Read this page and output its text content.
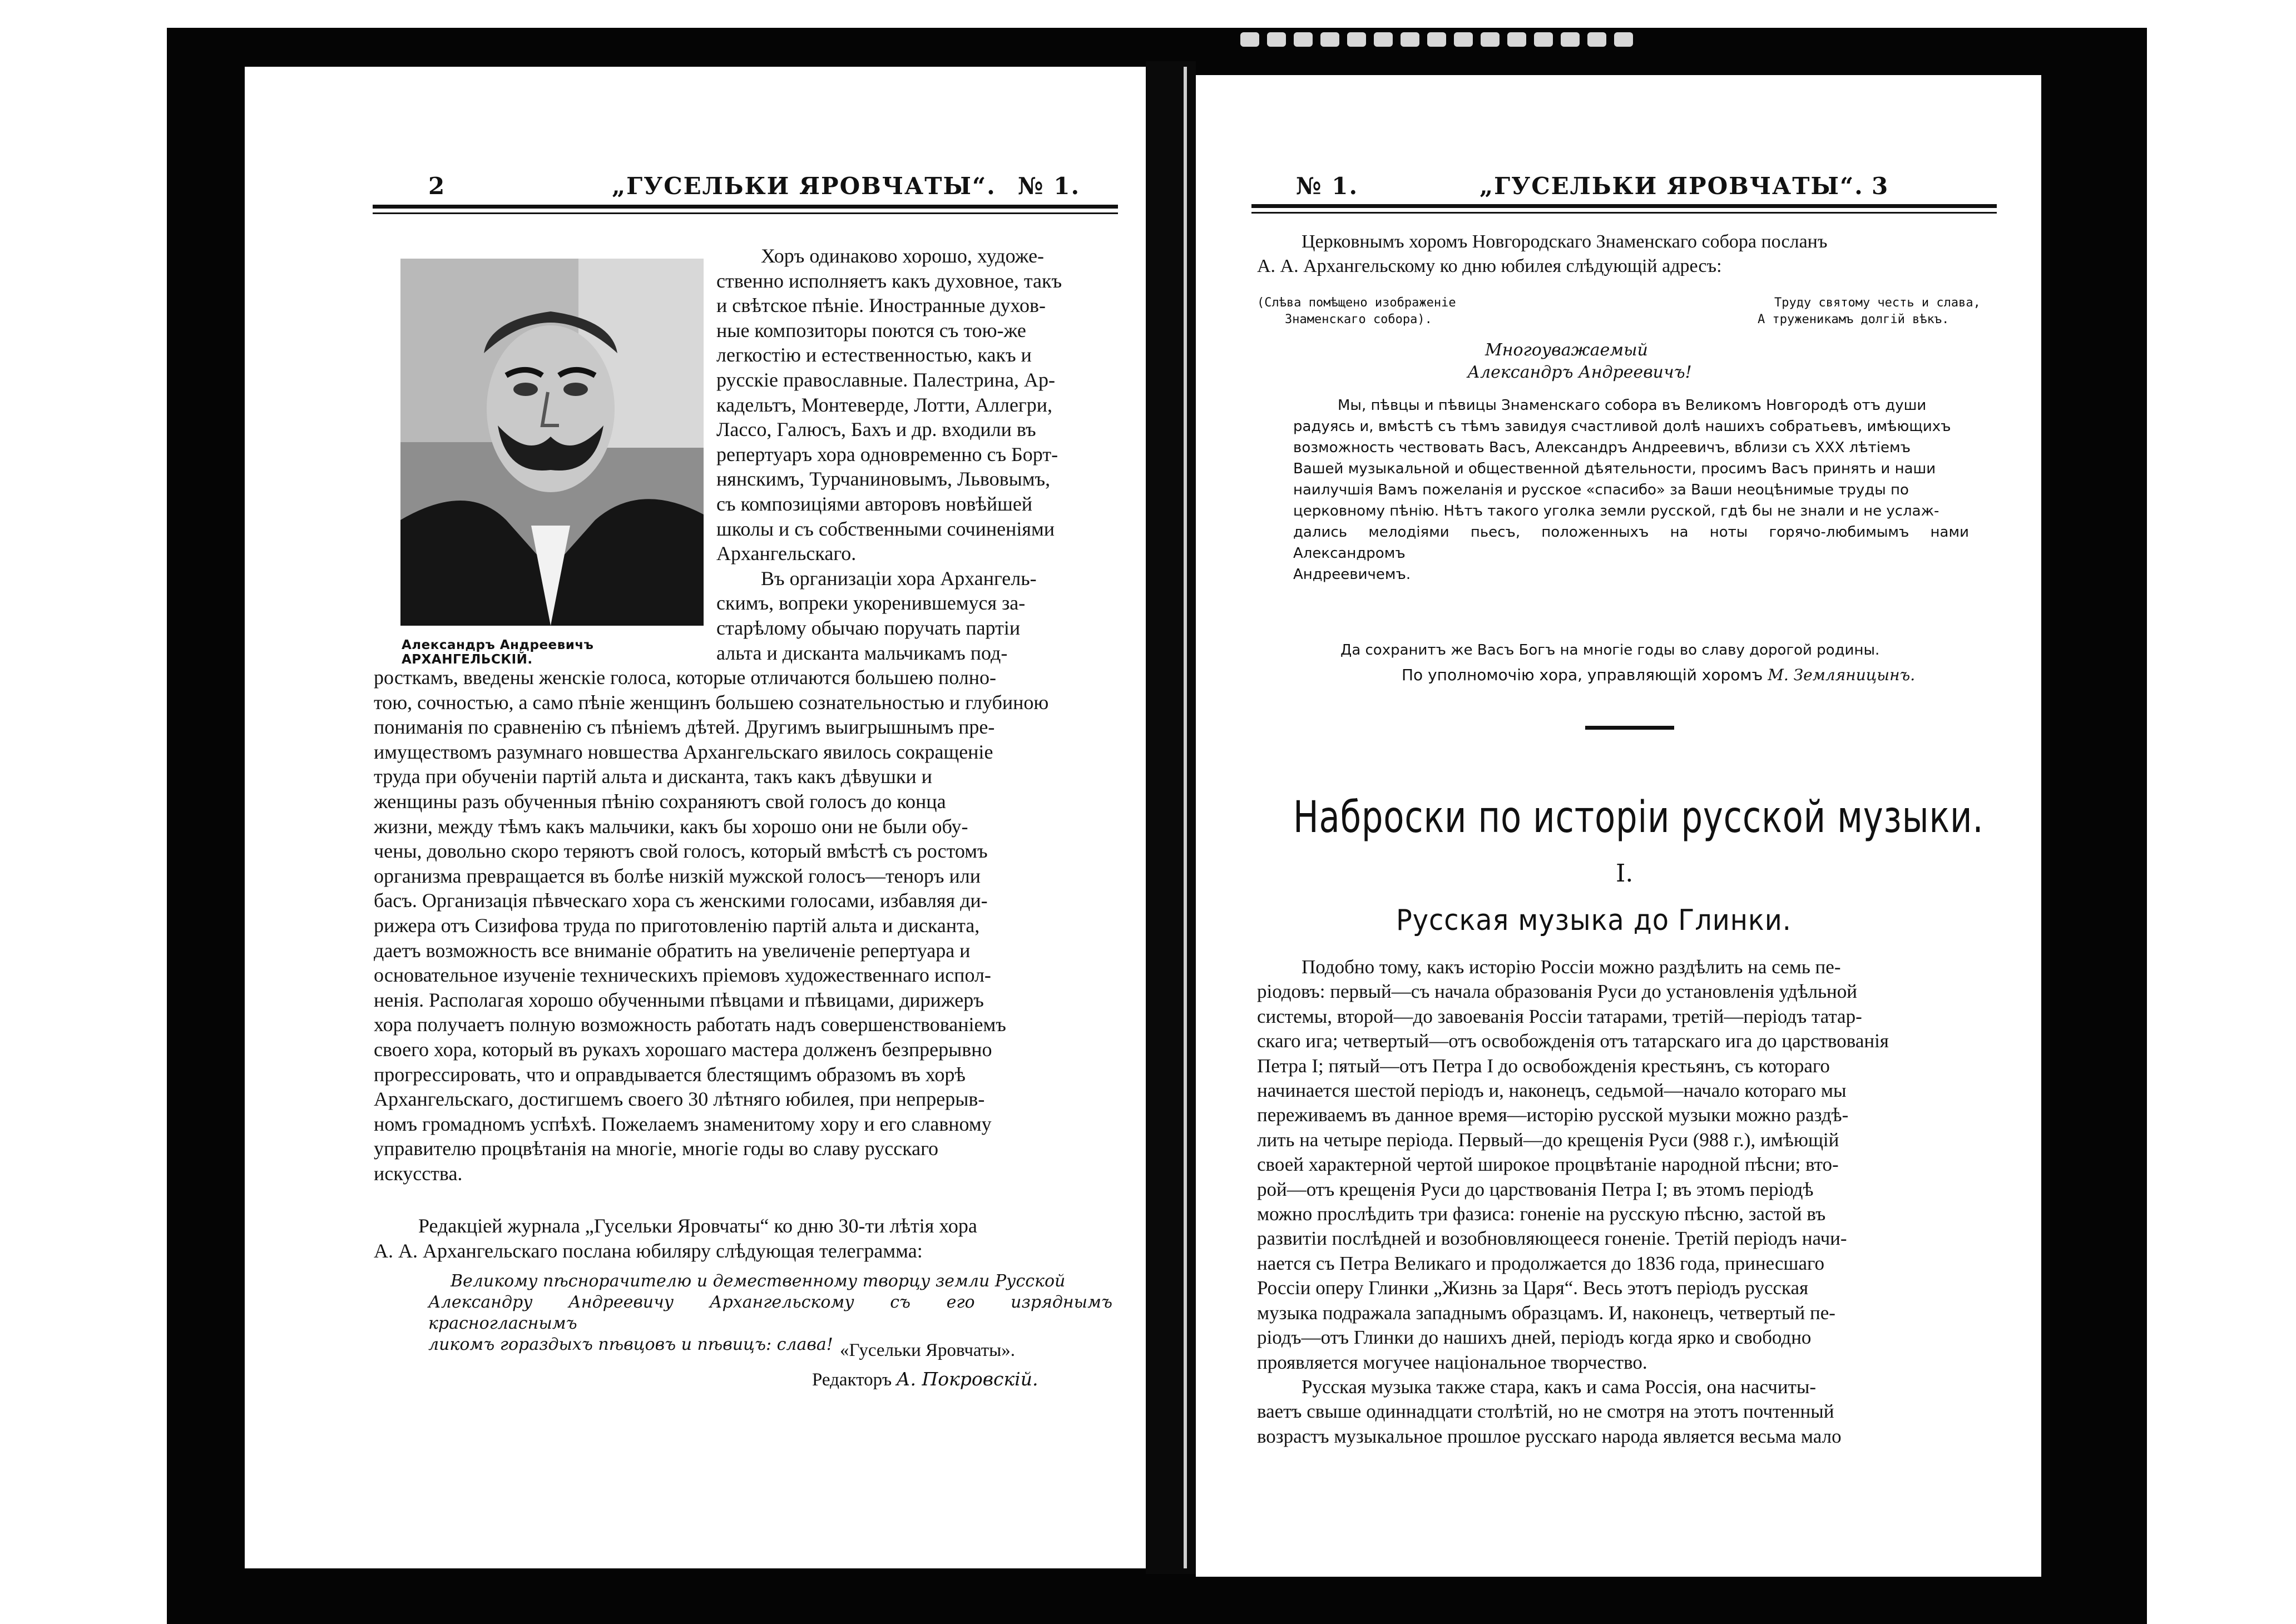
2	„ГУСЕЛЬКИ ЯРОВЧАТЫ“. № 1.
Александръ Андреевичъ АРХАНГЕЛЬСКІЙ.

Хоръ одинаково хорошо, художе-

ственно исполняетъ какъ духовное, такъ

и свѣтское пѣніе. Иностранные духов-

ные композиторы поются съ тою-же

легкостію и естественностью, какъ и

русскіе православные. Палестрина, Ар-

кадельтъ, Монтеверде, Лотти, Аллегри,

Лассо, Галюсъ, Бахъ и др. входили въ

репертуаръ хора одновременно съ Борт-

нянскимъ, Турчаниновымъ, Львовымъ,

съ композиціями авторовъ новѣйшей

школы и съ собственными сочиненіями

Архангельскаго.

Въ организаціи хора Архангель-

скимъ, вопреки укоренившемуся за-

старѣлому обычаю поручать партіи

альта и дисканта мальчикамъ под-

росткамъ, введены женскіе голоса, которые отличаются большею полно-

тою, сочностью, а само пѣніе женщинъ большею сознательностью и глубиною

пониманія по сравненію съ пѣніемъ дѣтей. Другимъ выигрышнымъ пре-

имуществомъ разумнаго новшества Архангельскаго явилось сокращеніе

труда при обученіи партій альта и дисканта, такъ какъ дѣвушки и

женщины разъ обученныя пѣнію сохраняютъ свой голосъ до конца

жизни, между тѣмъ какъ мальчики, какъ бы хорошо они не были обу-

чены, довольно скоро теряютъ свой голосъ, который вмѣстѣ съ ростомъ

организма превращается въ болѣе низкій мужской голосъ—теноръ или

басъ. Организація пѣвческаго хора съ женскими голосами, избавляя ди-

рижера отъ Сизифова труда по приготовленію партій альта и дисканта,

даетъ возможность все вниманіе обратить на увеличеніе репертуара и

основательное изученіе техническихъ пріемовъ художественнаго испол-

ненія. Располагая хорошо обученными пѣвцами и пѣвицами, дирижеръ

хора получаетъ полную возможность работать надъ совершенствованіемъ

своего хора, который въ рукахъ хорошаго мастера долженъ безпрерывно

прогрессировать, что и оправдывается блестящимъ образомъ въ хорѣ

Архангельскаго, достигшемъ своего 30 лѣтняго юбилея, при непрерыв-

номъ громадномъ успѣхѣ. Пожелаемъ знаменитому хору и его славному

управителю процвѣтанія на многіе, многіе годы во славу русскаго

искусства.

Редакціей журнала „Гусельки Яровчаты“ ко дню 30-ти лѣтія хора

А. А. Архангельскаго послана юбиляру слѣдующая телеграмма:

Великому пѣснорачителю и демественному творцу земли Русской

Александру Андреевичу Архангельскому съ его изряднымъ красногласнымъ

ликомъ гораздыхъ пѣвцовъ и пѣвицъ: слава! «Гусельки Яровчаты».
Редакторъ А. Покровскій.
№ 1.	„ГУСЕЛЬКИ ЯРОВЧАТЫ“. 3

Церковнымъ хоромъ Новгородскаго Знаменскаго собора посланъ

А. А. Архангельскому ко дню юбилея слѣдующій адресъ:

(Слѣва помѣщено изображеніе
Знаменскаго собора).
Труду святому честь и слава,
А труженикамъ долгій вѣкъ.
Многоуважаемый
Александръ Андреевичъ!

Мы, пѣвцы и пѣвицы Знаменскаго собора въ Великомъ Новгородѣ отъ души

радуясь и, вмѣстѣ съ тѣмъ завидуя счастливой долѣ нашихъ собратьевъ, имѣющихъ

возможность чествовать Васъ, Александръ Андреевичъ, вблизи съ XXX лѣтіемъ

Вашей музыкальной и общественной дѣятельности, просимъ Васъ принять и наши

наилучшія Вамъ пожеланія и русское «спасибо» за Ваши неоцѣнимые труды по

церковному пѣнію. Нѣтъ такого уголка земли русской, гдѣ бы не знали и не услаж-

дались мелодіями пьесъ, положенныхъ на ноты горячо-любимымъ нами Александромъ

Андреевичемъ.

Да сохранитъ же Васъ Богъ на многіе годы во славу дорогой родины.

По уполномочію хора, управляющій хоромъ М. Земляницынъ.
Наброски по исторіи русской музыки.
I.
Русская музыка до Глинки.

Подобно тому, какъ исторію Россіи можно раздѣлить на семь пе-

ріодовъ: первый—съ начала образованія Руси до установленія удѣльной

системы, второй—до завоеванія Россіи татарами, третій—періодъ татар-

скаго ига; четвертый—отъ освобожденія отъ татарскаго ига до царствованія

Петра I; пятый—отъ Петра I до освобожденія крестьянъ, съ котораго

начинается шестой періодъ и, наконецъ, седьмой—начало котораго мы

переживаемъ въ данное время—исторію русской музыки можно раздѣ-

лить на четыре періода. Первый—до крещенія Руси (988 г.), имѣющій

своей характерной чертой широкое процвѣтаніе народной пѣсни; вто-

рой—отъ крещенія Руси до царствованія Петра I; въ этомъ періодѣ

можно прослѣдить три фазиса: гоненіе на русскую пѣсню, застой въ

развитіи послѣдней и возобновляющееся гоненіе. Третій періодъ начи-

нается съ Петра Великаго и продолжается до 1836 года, принесшаго

Россіи оперу Глинки „Жизнь за Царя“. Весь этотъ періодъ русская

музыка подражала западнымъ образцамъ. И, наконецъ, четвертый пе-

ріодъ—отъ Глинки до нашихъ дней, періодъ когда ярко и свободно

проявляется могучее національное творчество.

Русская музыка также стара, какъ и сама Россія, она насчиты-

ваетъ свыше одиннадцати столѣтій, но не смотря на этотъ почтенный

возрастъ музыкальное прошлое русскаго народа является весьма мало
